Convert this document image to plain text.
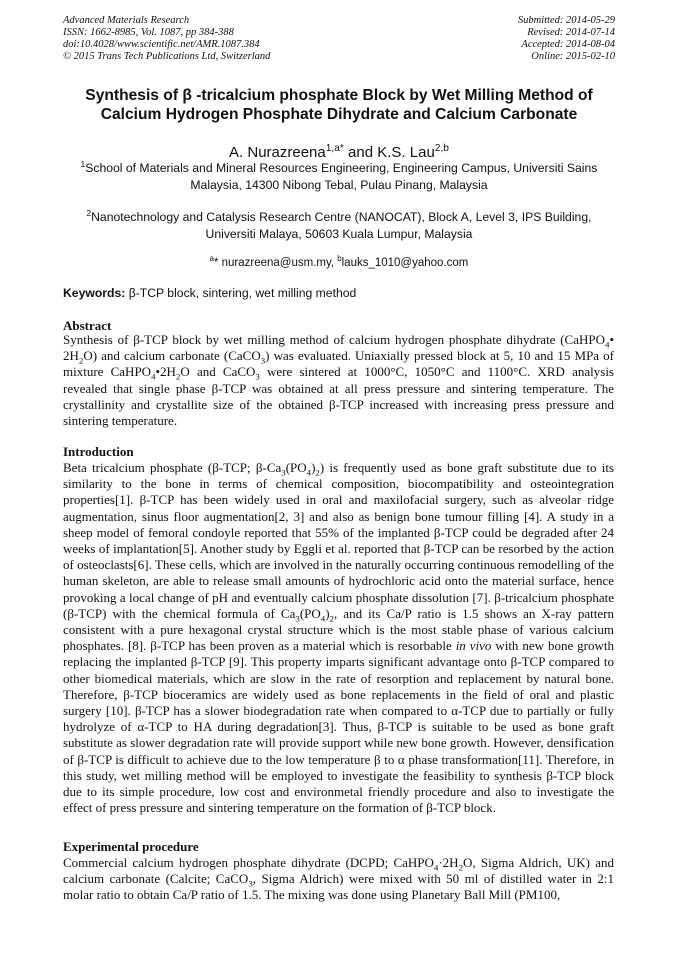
Advanced Materials Research
ISSN: 1662-8985, Vol. 1087, pp 384-388
doi:10.4028/www.scientific.net/AMR.1087.384
© 2015 Trans Tech Publications Ltd, Switzerland
Submitted: 2014-05-29
Revised: 2014-07-14
Accepted: 2014-08-04
Online: 2015-02-10
Synthesis of β -tricalcium phosphate Block by Wet Milling Method of
Calcium Hydrogen Phosphate Dihydrate and Calcium Carbonate
A. Nurazreena$^{1,a*}$ and K.S. Lau$^{2,b}$
$^1$School of Materials and Mineral Resources Engineering, Engineering Campus, Universiti Sains
Malaysia, 14300 Nibong Tebal, Pulau Pinang, Malaysia
$^2$Nanotechnology and Catalysis Research Centre (NANOCAT), Block A, Level 3, IPS Building,
Universiti Malaya, 50603 Kuala Lumpur, Malaysia
$^a$* nurazreena@usm.my, $^b$lauks_1010@yahoo.com
Keywords: β-TCP block, sintering, wet milling method
Abstract
Synthesis of β-TCP block by wet milling method of calcium hydrogen phosphate dihydrate (CaHPO$_4$• $2H_2O$) and calcium carbonate (CaCO$_3$) was evaluated. Uniaxially pressed block at 5, 10 and 15 MPa of mixture $CaHPO_4•2H_2O$ and CaCO$_3$ were sintered at 1000°C, 1050°C and 1100°C. XRD analysis revealed that single phase β-TCP was obtained at all press pressure and sintering temperature. The crystallinity and crystallite size of the obtained β-TCP increased with increasing press pressure and sintering temperature.
Introduction
Beta tricalcium phosphate (β-TCP; $\beta-Ca_3(PO_4)_2$) is frequently used as bone graft substitute due to its similarity to the bone in terms of chemical composition, biocompatibility and osteointegration properties[1]. β-TCP has been widely used in oral and maxilofacial surgery, such as alveolar ridge augmentation, sinus floor augmentation[2, 3] and also as benign bone tumour filling [4]. A study in a sheep model of femoral condoyle reported that 55% of the implanted β-TCP could be degraded after 24 weeks of implantation[5]. Another study by Eggli et al. reported that β-TCP can be resorbed by the action of osteoclasts[6]. These cells, which are involved in the naturally occurring continuous remodelling of the human skeleton, are able to release small amounts of hydrochloric acid onto the material surface, hence provoking a local change of pH and eventually calcium phosphate dissolution [7]. β-tricalcium phosphate (β-TCP) with the chemical formula of $Ca_3(PO_4)_2$, and its Ca/P ratio is 1.5 shows an X-ray pattern consistent with a pure hexagonal crystal structure which is the most stable phase of various calcium phosphates. [8]. β-TCP has been proven as a material which is resorbable in vivo with new bone growth replacing the implanted β-TCP [9]. This property imparts significant advantage onto β-TCP compared to other biomedical materials, which are slow in the rate of resorption and replacement by natural bone. Therefore, β-TCP bioceramics are widely used as bone replacements in the field of oral and plastic surgery [10]. β-TCP has a slower biodegradation rate when compared to α-TCP due to partially or fully hydrolyze of α-TCP to HA during degradation[3]. Thus, β-TCP is suitable to be used as bone graft substitute as slower degradation rate will provide support while new bone growth. However, densification of β-TCP is difficult to achieve due to the low temperature β to α phase transformation[11]. Therefore, in this study, wet milling method will be employed to investigate the feasibility to synthesis β-TCP block due to its simple procedure, low cost and environmetal friendly procedure and also to investigate the effect of press pressure and sintering temperature on the formation of β-TCP block.
Experimental procedure
Commercial calcium hydrogen phosphate dihydrate (DCPD; $CaHPO_4\cdot 2H_2O$, Sigma Aldrich, UK) and calcium carbonate (Calcite; CaCO$_3$, Sigma Aldrich) were mixed with 50 ml of distilled water in 2:1 molar ratio to obtain Ca/P ratio of 1.5. The mixing was done using Planetary Ball Mill (PM100,
